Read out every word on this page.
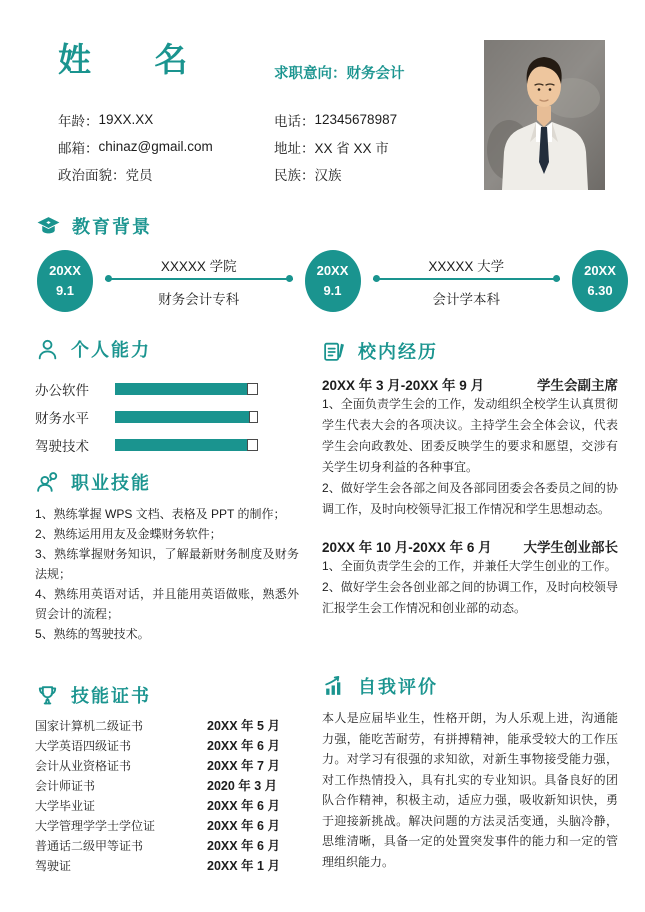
姓  名	求职意向：财务会计
年龄： 19XX.XX
邮箱： chinaz@gmail.com
政治面貌： 党员
电话： 12345678987
地址： XX 省 XX 市
民族： 汉族
教育背景
20XX
9.1
XXXXX 学院
财务会计专科
20XX
9.1
XXXXX 大学
会计学本科
20XX
6.30
个人能力
办公软件
财务水平
驾驶技术
职业技能

1、熟练掌握 WPS 文档、表格及 PPT 的制作；

2、熟练运用用友及金蝶财务软件；

3、熟练掌握财务知识，了解最新财务制度及财务法规；

4、熟练用英语对话，并且能用英语做账，熟悉外贸会计的流程；

5、熟练的驾驶技术。

技能证书
国家计算机二级证书	20XX 年 5 月
大学英语四级证书	20XX 年 6 月
会计从业资格证书	20XX 年 7 月
会计师证书	2020 年 3 月
大学毕业证	20XX 年 6 月
大学管理学学士学位证	20XX 年 6 月
普通话二级甲等证书	20XX 年 6 月
驾驶证	20XX 年 1 月
校内经历
20XX 年 3 月-20XX 年 9 月	学生会副主席

1、全面负责学生会的工作，发动组织全校学生认真贯彻学生代表大会的各项决议。主持学生会全体会议，代表学生会向政教处、团委反映学生的要求和愿望，交涉有关学生切身利益的各种事宜。

2、做好学生会各部之间及各部同团委会各委员之间的协调工作，及时向校领导汇报工作情况和学生思想动态。

20XX 年 10 月-20XX 年 6 月 大学生创业部长

1、全面负责学生会的工作，并兼任大学生创业的工作。

2、做好学生会各创业部之间的协调工作，及时向校领导汇报学生会工作情况和创业部的动态。

自我评价

本人是应届毕业生，性格开朗，为人乐观上进，沟通能力强，能吃苦耐劳，有拼搏精神，能承受较大的工作压力。对学习有很强的求知欲，对新生事物接受能力强，对工作热情投入，具有扎实的专业知识。具备良好的团队合作精神，积极主动，适应力强，吸收新知识快，勇于迎接新挑战。解决问题的方法灵活变通，头脑冷静，思维清晰，具备一定的处置突发事件的能力和一定的管理组织能力。
